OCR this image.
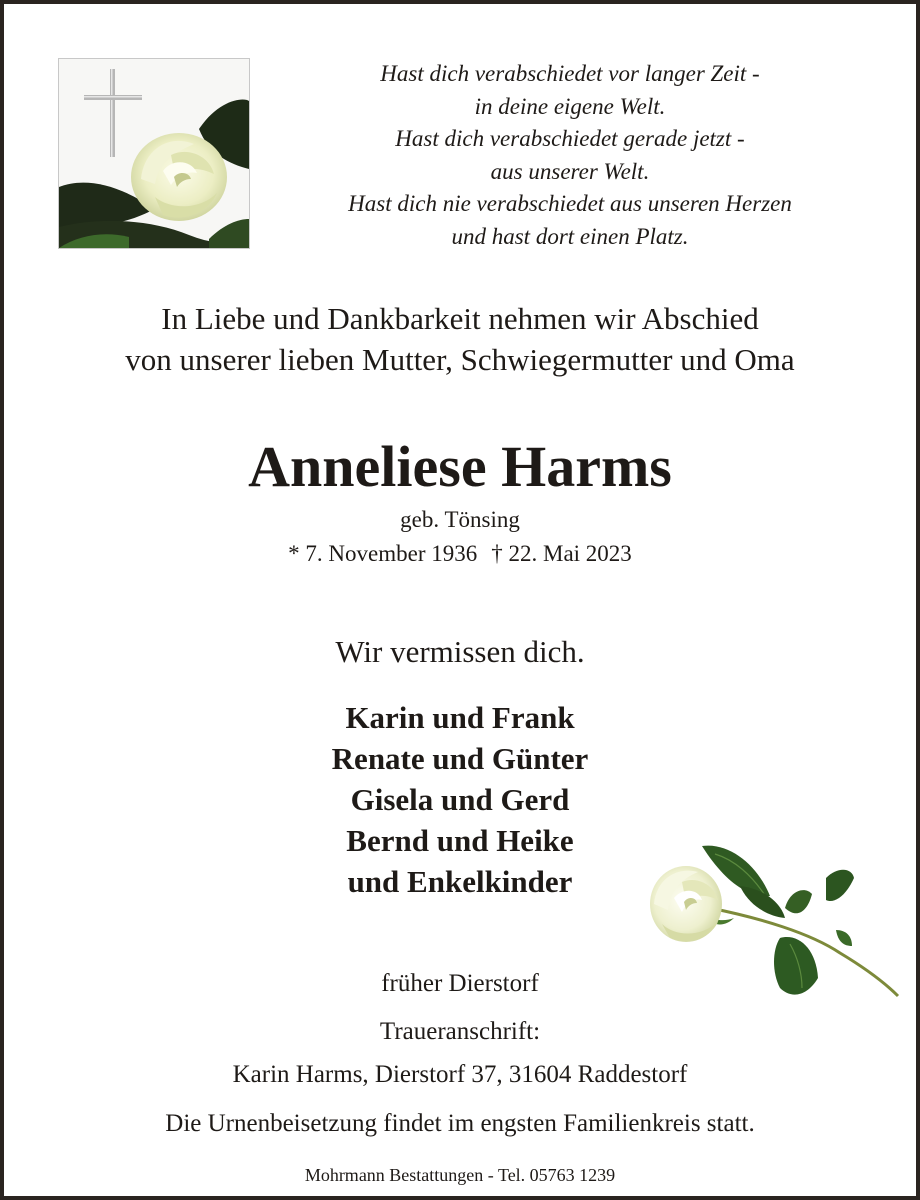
Hast dich verabschiedet vor langer Zeit -
in deine eigene Welt.
Hast dich verabschiedet gerade jetzt -
aus unserer Welt.
Hast dich nie verabschiedet aus unseren Herzen
und hast dort einen Platz.
In Liebe und Dankbarkeit nehmen wir Abschied
von unserer lieben Mutter, Schwiegermutter und Oma
Anneliese Harms
geb. Tönsing
* 7. November 1936 † 22. Mai 2023
Wir vermissen dich.
Karin und Frank
Renate und Günter
Gisela und Gerd
Bernd und Heike
und Enkelkinder
früher Dierstorf
Traueranschrift:
Karin Harms, Dierstorf 37, 31604 Raddestorf
Die Urnenbeisetzung findet im engsten Familienkreis statt.
Mohrmann Bestattungen - Tel. 05763 1239
